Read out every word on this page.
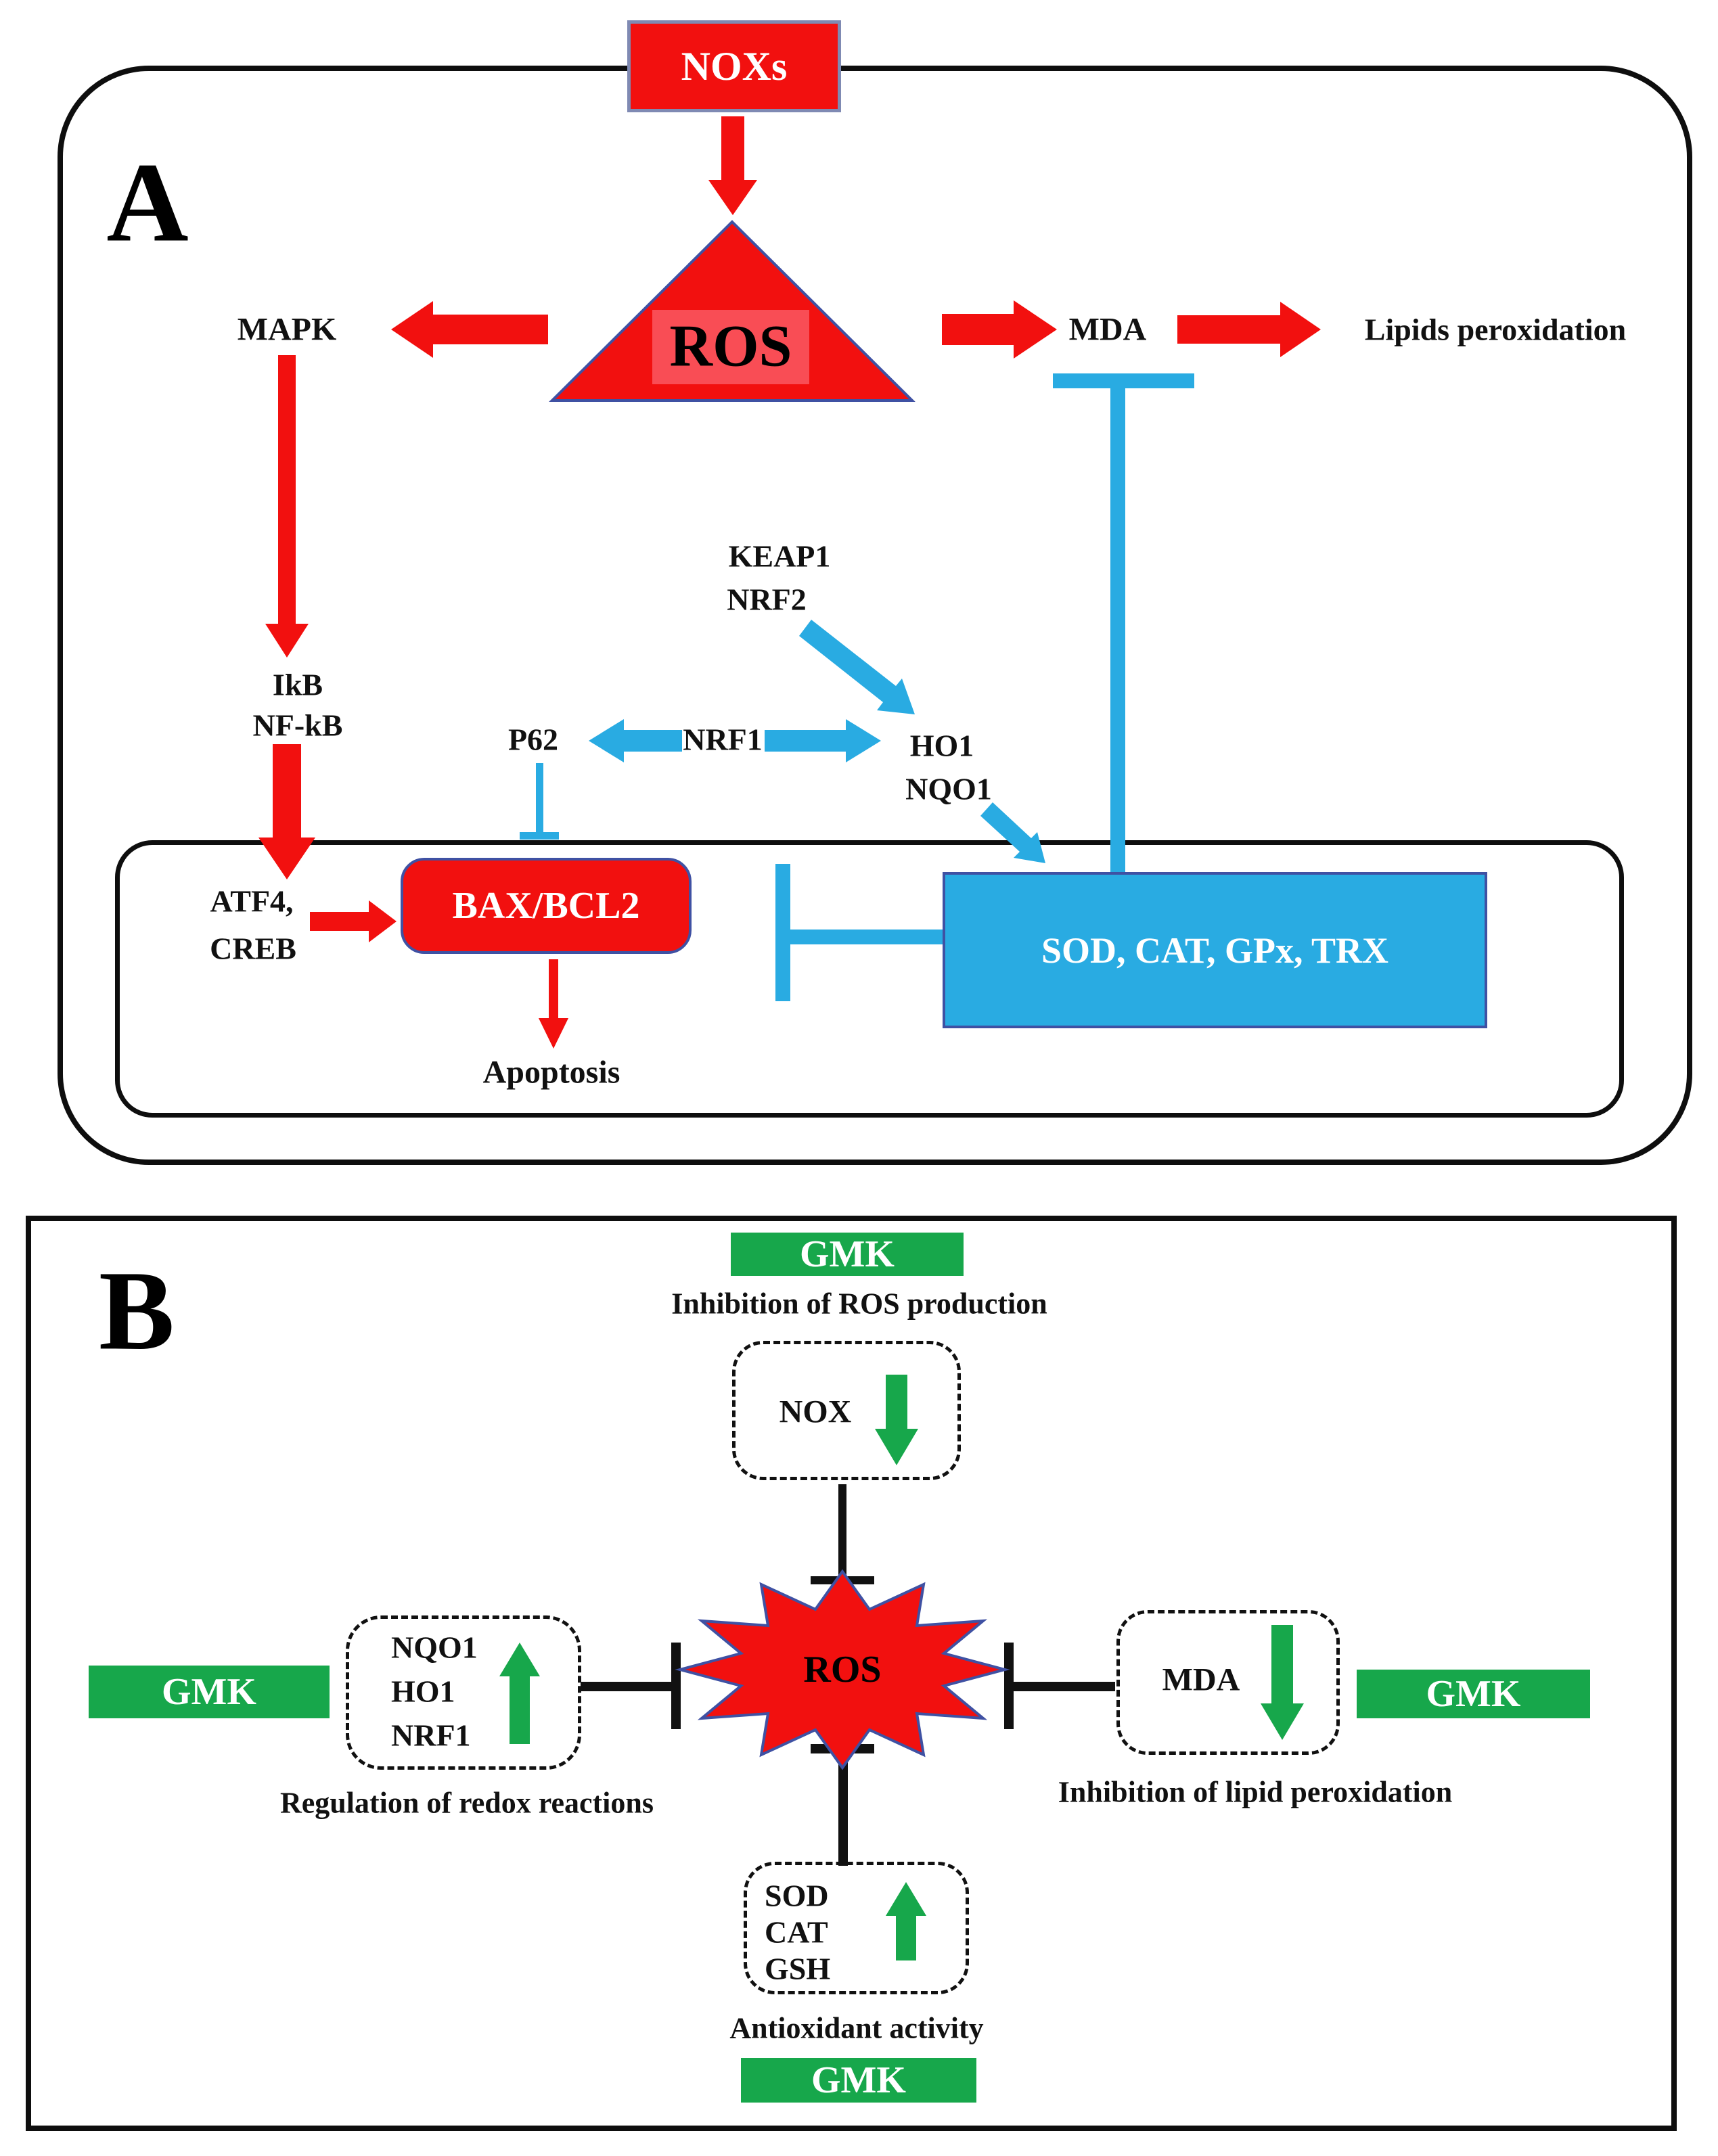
A
B
NOXs
BAX/BCL2
SOD, CAT, GPx, TRX
ROS
MAPK	MDA	Lipids peroxidation
IkB
NF-kB
KEAP1
NRF2
P62	NRF1	HO1
NQO1
ATF4,
CREB
Apoptosis
GMK
GMK	GMK
GMK
Inhibition of ROS production
NOX
ROS
NQO1
HO1
NRF1
Regulation of redox reactions
MDA
Inhibition of lipid peroxidation
SOD
CAT
GSH
Antioxidant activity
